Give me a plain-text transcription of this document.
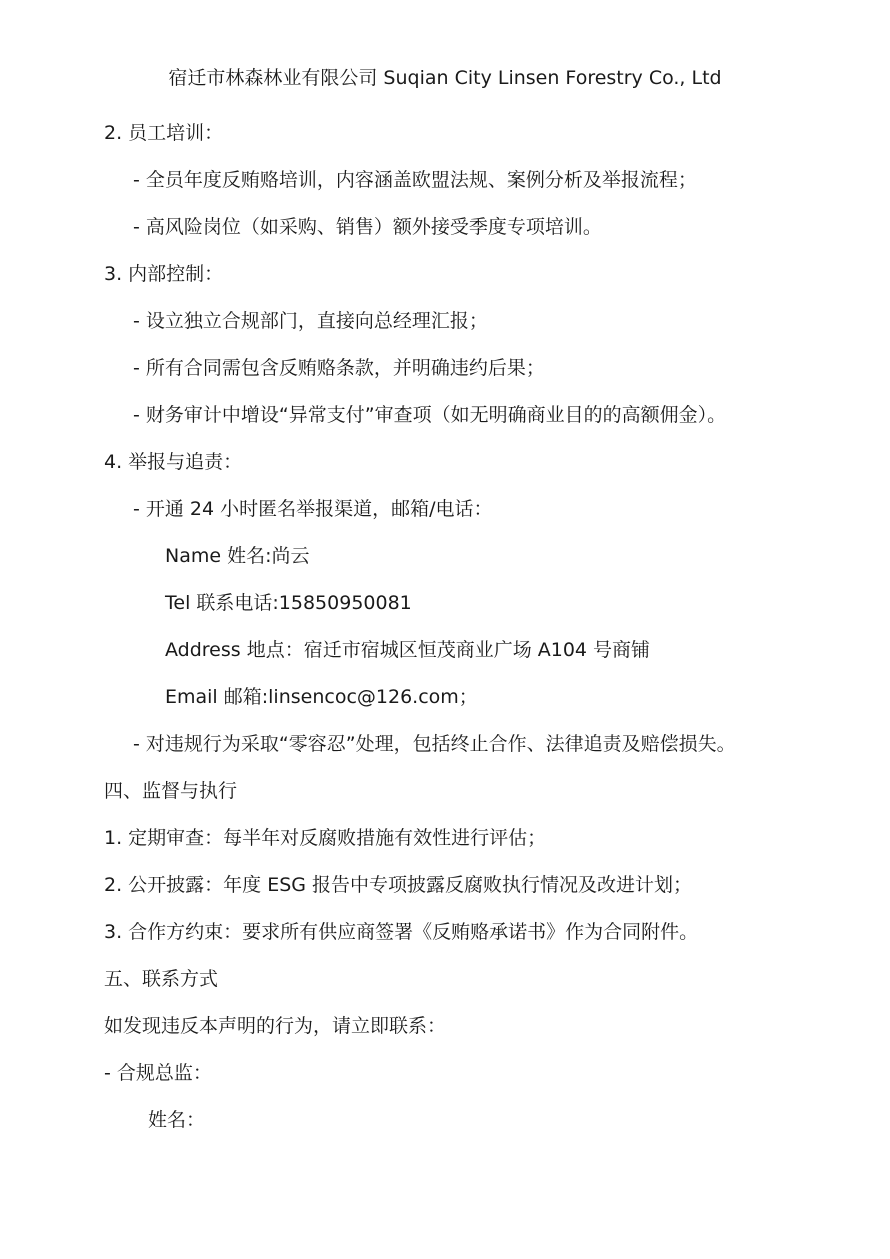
宿迁市林森林业有限公司 Suqian City Linsen Forestry Co., Ltd
2. 员工培训：
- 全员年度反贿赂培训，内容涵盖欧盟法规、案例分析及举报流程；
- 高风险岗位（如采购、销售）额外接受季度专项培训。
3. 内部控制：
- 设立独立合规部门，直接向总经理汇报；
- 所有合同需包含反贿赂条款，并明确违约后果；
- 财务审计中增设“异常支付”审查项（如无明确商业目的的高额佣金）。
4. 举报与追责：
- 开通 24 小时匿名举报渠道，邮箱/电话：
Name 姓名:尚云
Tel 联系电话:15850950081
Address 地点：宿迁市宿城区恒茂商业广场 A104 号商铺
Email 邮箱:linsencoc@126.com；
- 对违规行为采取“零容忍”处理，包括终止合作、法律追责及赔偿损失。
四、监督与执行
1. 定期审查：每半年对反腐败措施有效性进行评估；
2. 公开披露：年度 ESG 报告中专项披露反腐败执行情况及改进计划；
3. 合作方约束：要求所有供应商签署《反贿赂承诺书》作为合同附件。
五、联系方式
如发现违反本声明的行为，请立即联系：
- 合规总监：
姓名：
